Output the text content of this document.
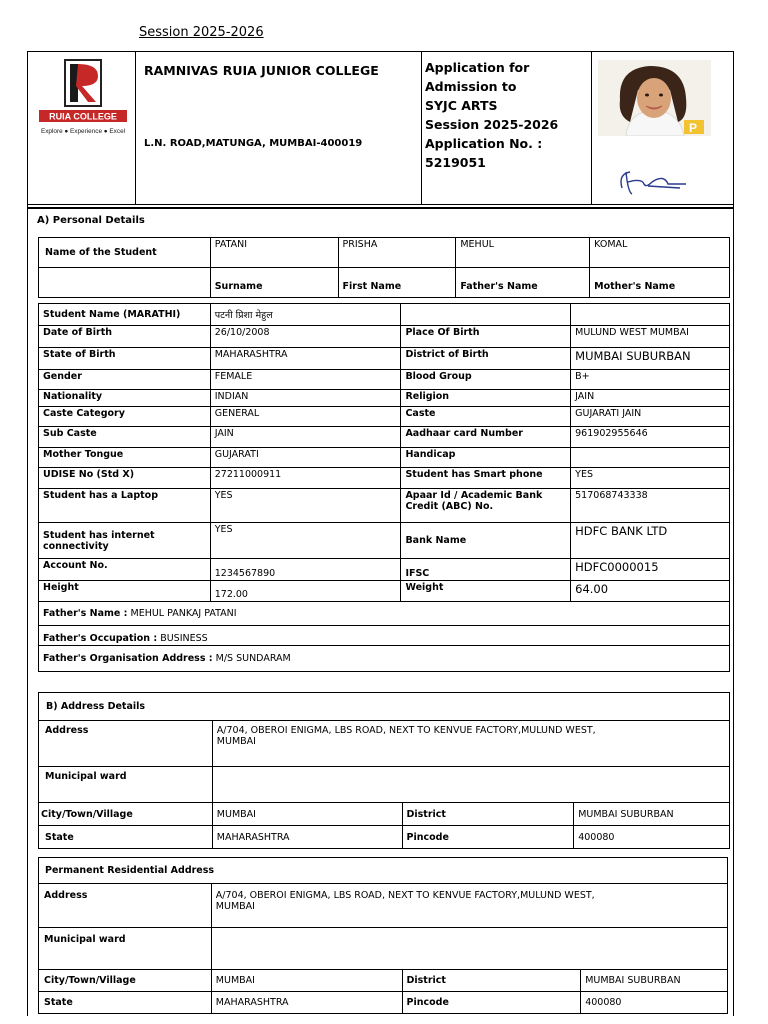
Session 2025-2026
RUIA COLLEGE
Explore ● Experience ● Excel
RAMNIVAS RUIA JUNIOR COLLEGE
L.N. ROAD,MATUNGA, MUMBAI-400019
Application for
Admission to
SYJC ARTS
Session 2025-2026
Application No. :
5219051
P
A) Personal Details
Name of the Student	PATANI	PRISHA	MEHUL	KOMAL
	Surname	First Name	Father's Name	Mother's Name
Student Name (MARATHI)	पटनी प्रिशा मेहुल		
Date of Birth	26/10/2008	Place Of Birth	MULUND WEST MUMBAI
State of Birth	MAHARASHTRA	District of Birth	MUMBAI SUBURBAN
Gender	FEMALE	Blood Group	B+
Nationality	INDIAN	Religion	JAIN
Caste Category	GENERAL	Caste	GUJARATI JAIN
Sub Caste	JAIN	Aadhaar card Number	961902955646
Mother Tongue	GUJARATI	Handicap	
UDISE No (Std X)	27211000911	Student has Smart phone	YES
Student has a Laptop	YES	Apaar Id / Academic Bank Credit (ABC) No.	517068743338
Student has internet connectivity	YES	Bank Name	HDFC BANK LTD
Account No.	1234567890	IFSC	HDFC0000015
Height	172.00	Weight	64.00
Father's Name : MEHUL PANKAJ PATANI			
Father's Occupation : BUSINESS			
Father's Organisation Address : M/S SUNDARAM			
B) Address Details			
Address	A/704, OBEROI ENIGMA, LBS ROAD, NEXT TO KENVUE FACTORY,MULUND WEST, MUMBAI		
Municipal ward			
City/Town/Village	MUMBAI	District	MUMBAI SUBURBAN
State	MAHARASHTRA	Pincode	400080
Permanent Residential Address			
Address	A/704, OBEROI ENIGMA, LBS ROAD, NEXT TO KENVUE FACTORY,MULUND WEST, MUMBAI		
Municipal ward			
City/Town/Village	MUMBAI	District	MUMBAI SUBURBAN
State	MAHARASHTRA	Pincode	400080
